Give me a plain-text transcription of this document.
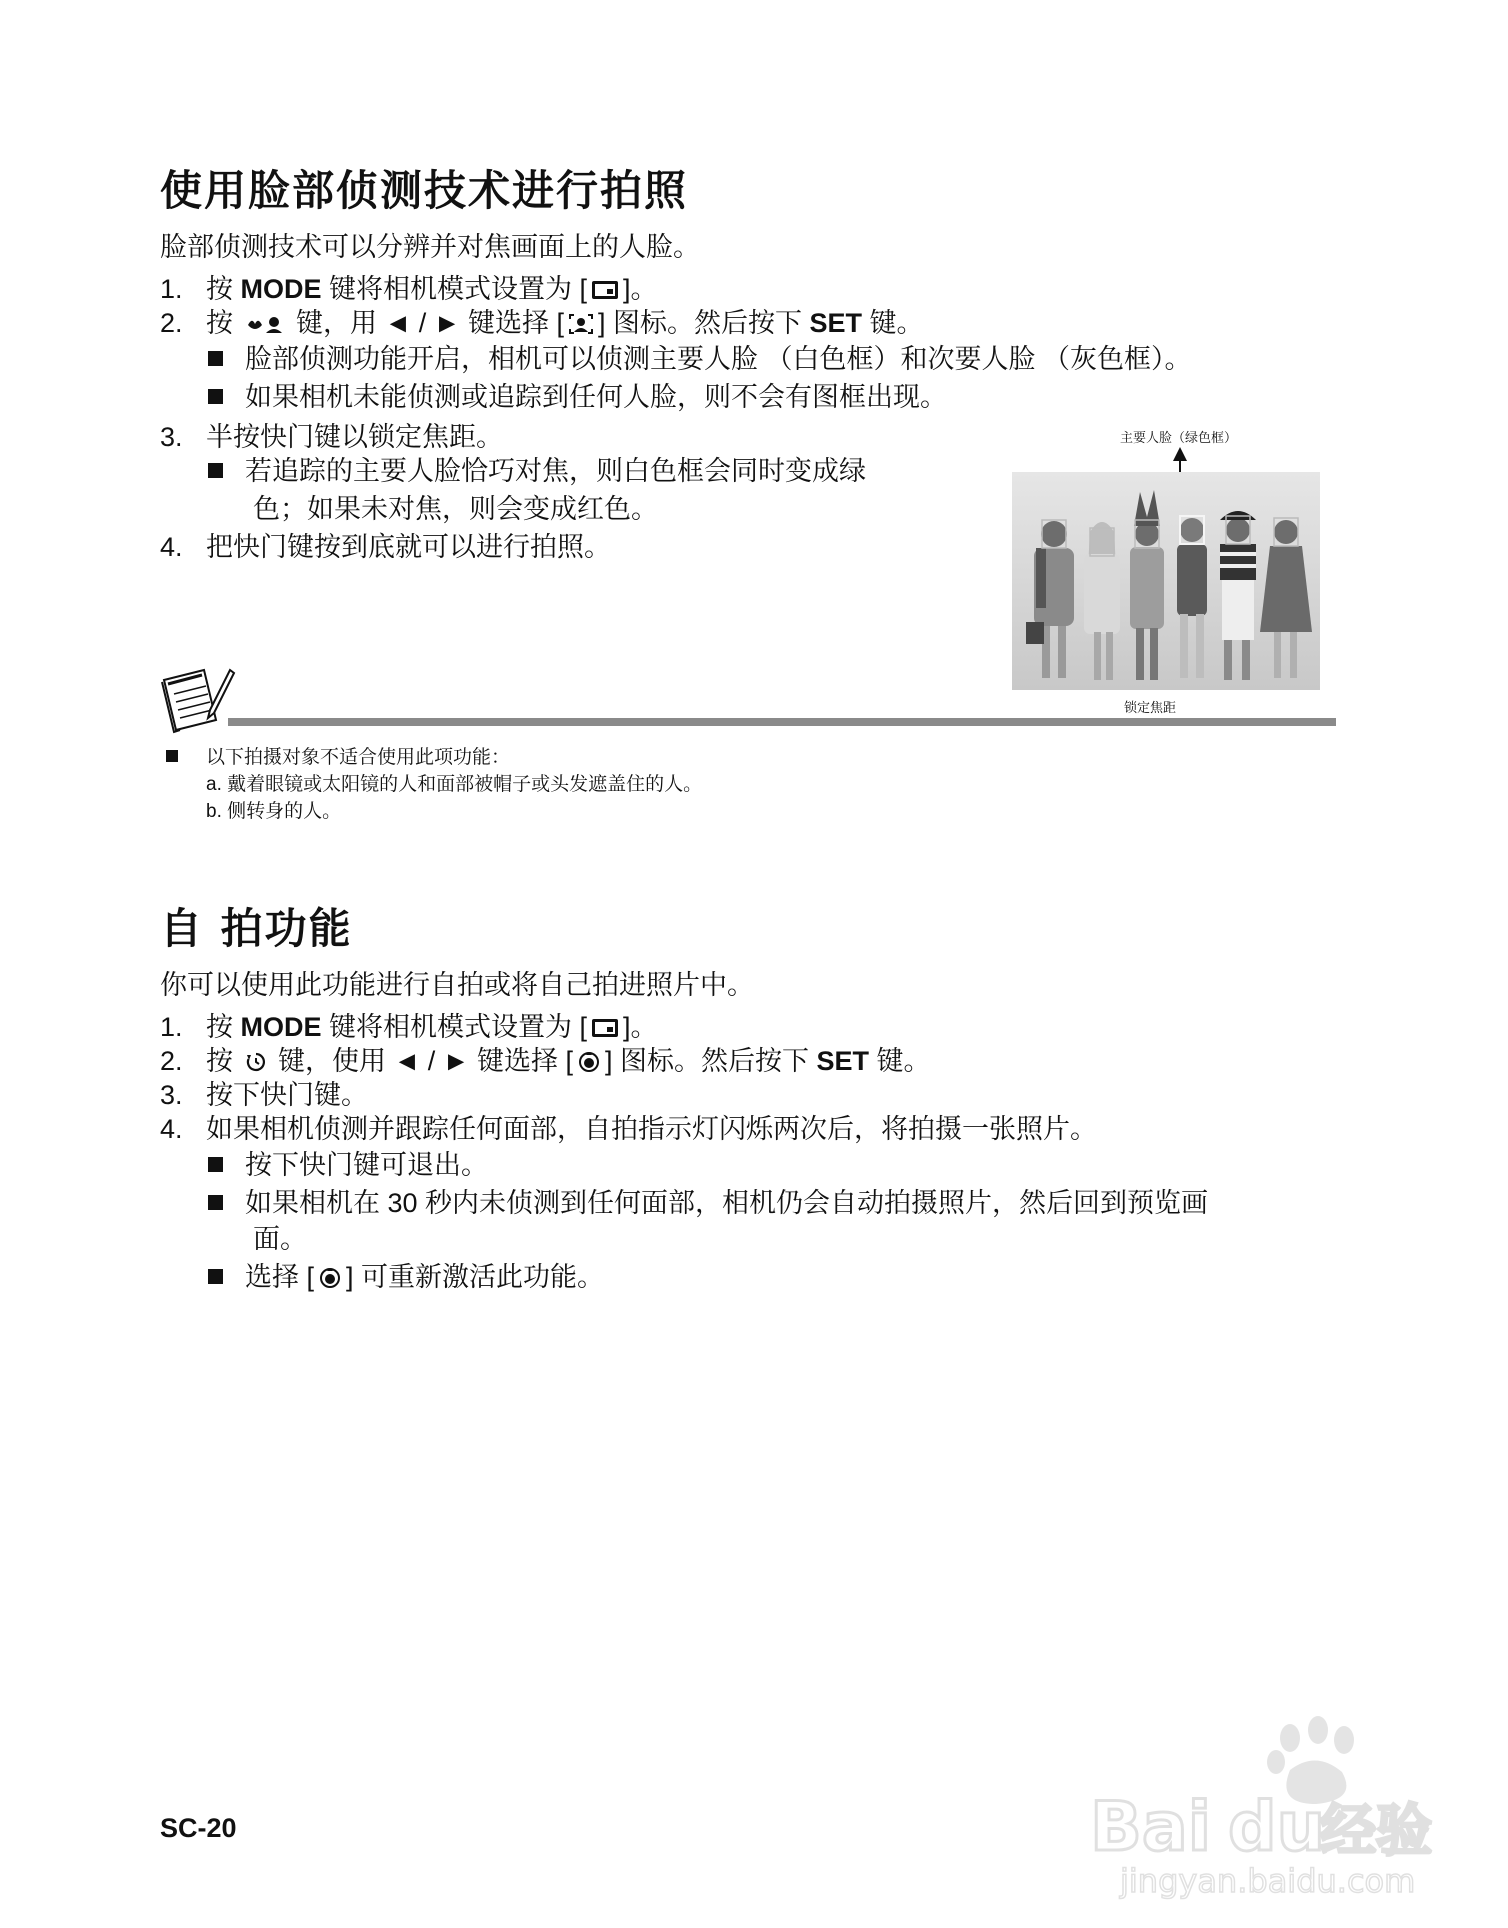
使用脸部侦测技术进行拍照
脸部侦测技术可以分辨并对焦画面上的人脸。
1. 按 MODE 键将相机模式设置为 [ ]。
2. 按  键，用 ◄ / ► 键选择 [ ] 图标。然后按下 SET 键。
脸部侦测功能开启，相机可以侦测主要人脸 （白色框）和次要人脸 （灰色框）。
如果相机未能侦测或追踪到任何人脸，则不会有图框出现。
3. 半按快门键以锁定焦距。
若追踪的主要人脸恰巧对焦，则白色框会同时变成绿
色；如果未对焦，则会变成红色。
4. 把快门键按到底就可以进行拍照。
主要人脸（绿色框）
锁定焦距
以下拍摄对象不适合使用此项功能：
a. 戴着眼镜或太阳镜的人和面部被帽子或头发遮盖住的人。
b. 侧转身的人。
自 拍功能
你可以使用此功能进行自拍或将自己拍进照片中。
1. 按 MODE 键将相机模式设置为 [ ]。
2. 按  键，使用 ◄ / ► 键选择 [ ] 图标。然后按下 SET 键。
3. 按下快门键。
4. 如果相机侦测并跟踪任何面部，自拍指示灯闪烁两次后，将拍摄一张照片。
按下快门键可退出。
如果相机在 30 秒内未侦测到任何面部，相机仍会自动拍摄照片，然后回到预览画
面。
选择 [ ] 可重新激活此功能。
SC-20	Bai du
经验
jingyan.baidu.com
